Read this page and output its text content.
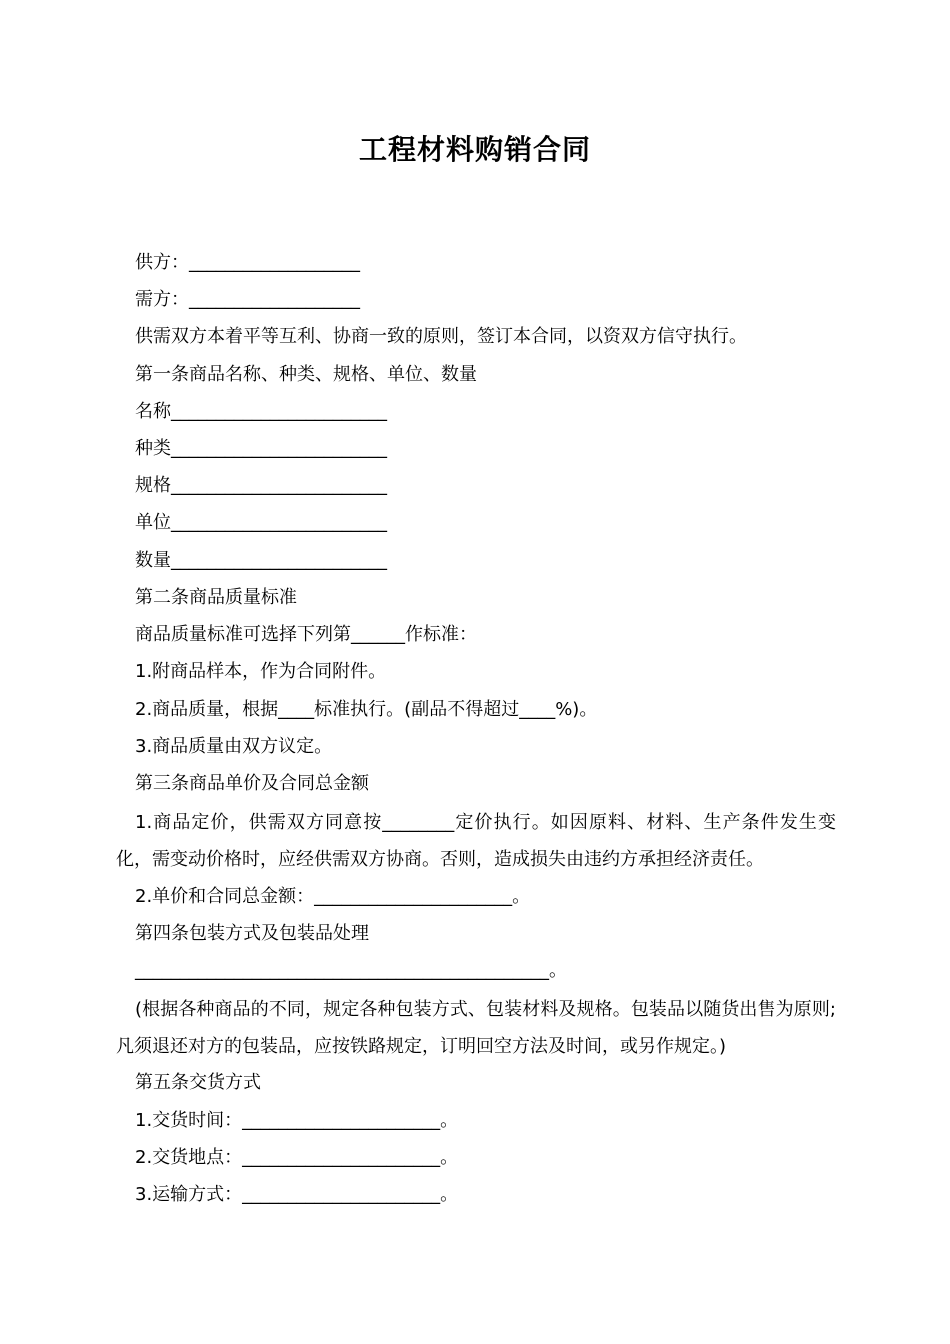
工程材料购销合同
供方：___________________
需方：___________________
供需双方本着平等互利、协商一致的原则，签订本合同，以资双方信守执行。
第一条商品名称、种类、规格、单位、数量
名称________________________
种类________________________
规格________________________
单位________________________
数量________________________
第二条商品质量标准
商品质量标准可选择下列第______作标准：
1.附商品样本，作为合同附件。
2.商品质量，根据____标准执行。(副品不得超过____%)。
3.商品质量由双方议定。
第三条商品单价及合同总金额
1.商品定价，供需双方同意按________定价执行。如因原料、材料、生产条件发生变化，需变动价格时，应经供需双方协商。否则，造成损失由违约方承担经济责任。
2.单价和合同总金额：______________________。
第四条包装方式及包装品处理
______________________________________________。
(根据各种商品的不同，规定各种包装方式、包装材料及规格。包装品以随货出售为原则;凡须退还对方的包装品，应按铁路规定，订明回空方法及时间，或另作规定。)
第五条交货方式
1.交货时间：______________________。
2.交货地点：______________________。
3.运输方式：______________________。
